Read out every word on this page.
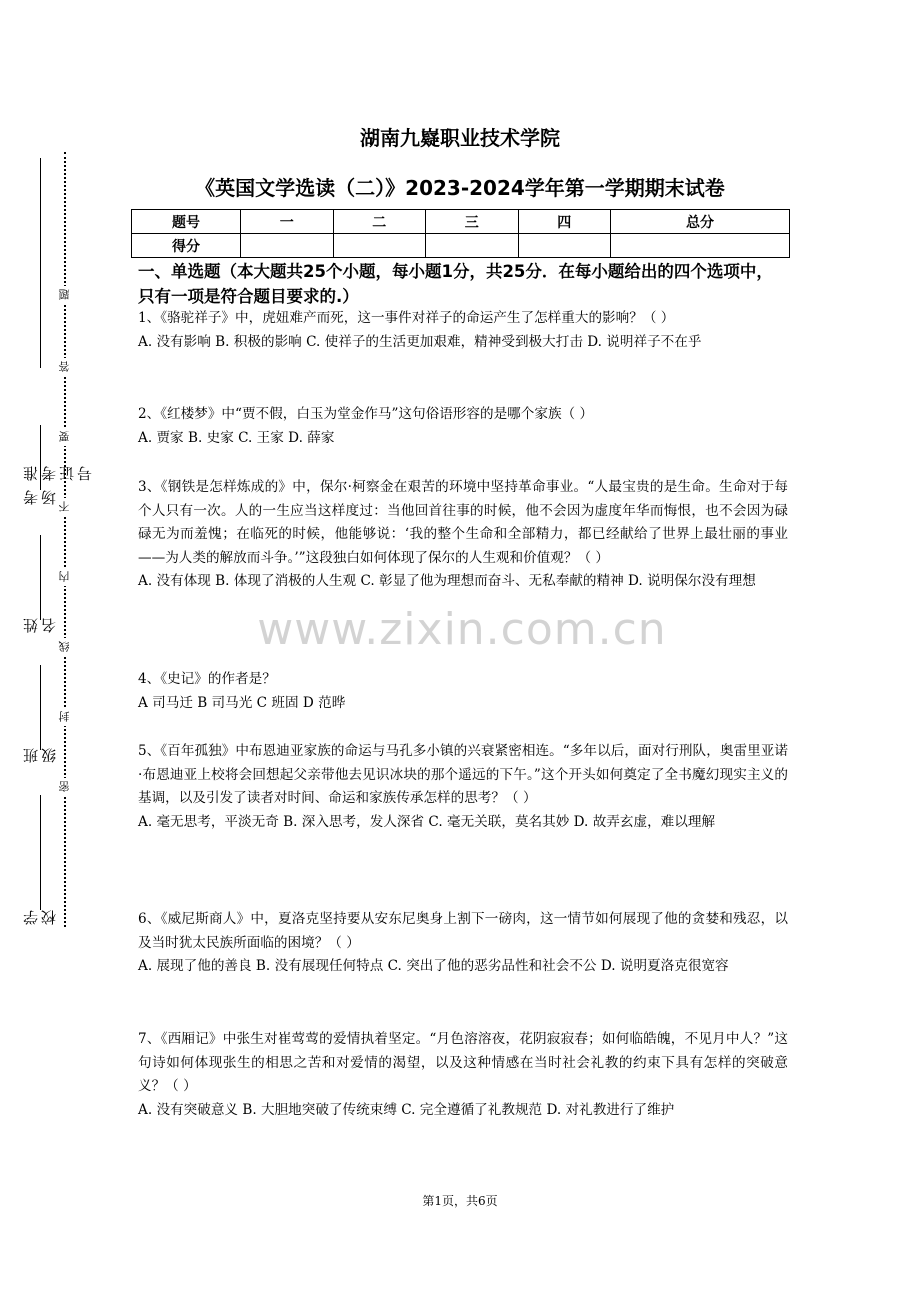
准考证号
考场
姓名
班级
学校
题
答
要
不
内
线
封
密
湖南九嶷职业技术学院
《英国文学选读（二）》2023-2024学年第一学期期末试卷
题号	一	二	三	四	总分
得分					
一、单选题（本大题共25个小题，每小题1分，共25分．在每小题给出的四个选项中，只有一项是符合题目要求的.）

1、《骆驼祥子》中，虎妞难产而死，这一事件对祥子的命运产生了怎样重大的影响？（ ）

A. 没有影响 B. 积极的影响 C. 使祥子的生活更加艰难，精神受到极大打击 D. 说明祥子不在乎

2、《红楼梦》中“贾不假，白玉为堂金作马”这句俗语形容的是哪个家族（ ）

A. 贾家 B. 史家 C. 王家 D. 薛家

3、《钢铁是怎样炼成的》中，保尔·柯察金在艰苦的环境中坚持革命事业。“人最宝贵的是生命。生命对于每个人只有一次。人的一生应当这样度过：当他回首往事的时候，他不会因为虚度年华而悔恨，也不会因为碌碌无为而羞愧；在临死的时候，他能够说：‘我的整个生命和全部精力，都已经献给了世界上最壮丽的事业——为人类的解放而斗争。’”这段独白如何体现了保尔的人生观和价值观？（ ）

A. 没有体现 B. 体现了消极的人生观 C. 彰显了他为理想而奋斗、无私奉献的精神 D. 说明保尔没有理想

4、《史记》的作者是？

A 司马迁 B 司马光 C 班固 D 范晔

5、《百年孤独》中布恩迪亚家族的命运与马孔多小镇的兴衰紧密相连。“多年以后，面对行刑队，奥雷里亚诺·布恩迪亚上校将会回想起父亲带他去见识冰块的那个遥远的下午。”这个开头如何奠定了全书魔幻现实主义的基调，以及引发了读者对时间、命运和家族传承怎样的思考？（ ）

A. 毫无思考，平淡无奇 B. 深入思考，发人深省 C. 毫无关联，莫名其妙 D. 故弄玄虚，难以理解

6、《威尼斯商人》中，夏洛克坚持要从安东尼奥身上割下一磅肉，这一情节如何展现了他的贪婪和残忍，以及当时犹太民族所面临的困境？（ ）

A. 展现了他的善良 B. 没有展现任何特点 C. 突出了他的恶劣品性和社会不公 D. 说明夏洛克很宽容

7、《西厢记》中张生对崔莺莺的爱情执着坚定。“月色溶溶夜，花阴寂寂春；如何临皓魄，不见月中人？”这句诗如何体现张生的相思之苦和对爱情的渴望，以及这种情感在当时社会礼教的约束下具有怎样的突破意义？（ ）

A. 没有突破意义 B. 大胆地突破了传统束缚 C. 完全遵循了礼教规范 D. 对礼教进行了维护

www.zixin.com.cn
第1页，共6页
